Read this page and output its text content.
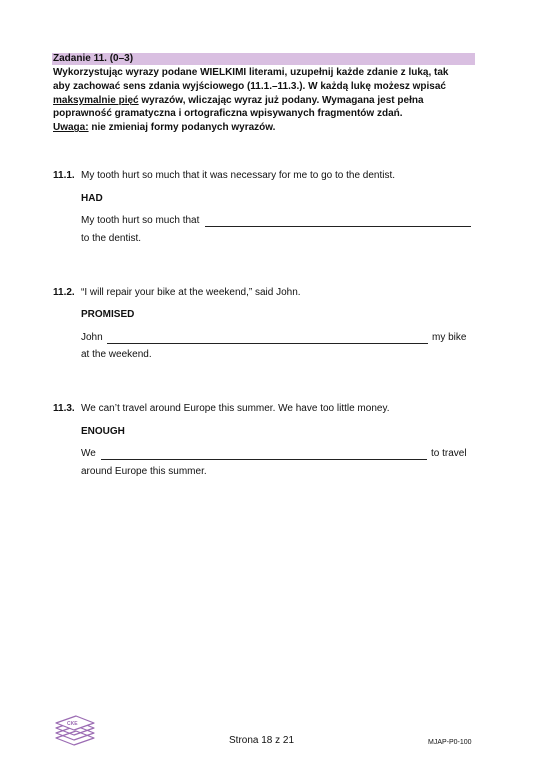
Zadanie 11. (0–3)
Wykorzystując wyrazy podane WIELKIMI literami, uzupełnij każde zdanie z luką, tak
aby zachować sens zdania wyjściowego (11.1.–11.3.). W każdą lukę możesz wpisać
maksymalnie pięć wyrazów, wliczając wyraz już podany. Wymagana jest pełna
poprawność gramatyczna i ortograficzna wpisywanych fragmentów zdań.
Uwaga: nie zmieniaj formy podanych wyrazów.
11.1. My tooth hurt so much that it was necessary for me to go to the dentist.
HAD
My tooth hurt so much that
to the dentist.
11.2. “I will repair your bike at the weekend,” said John.
PROMISED
John	my bike
at the weekend.
11.3. We can’t travel around Europe this summer. We have too little money.
ENOUGH
We	to travel
around Europe this summer.
CKE
Strona 18 z 21	MJAP-P0-100
